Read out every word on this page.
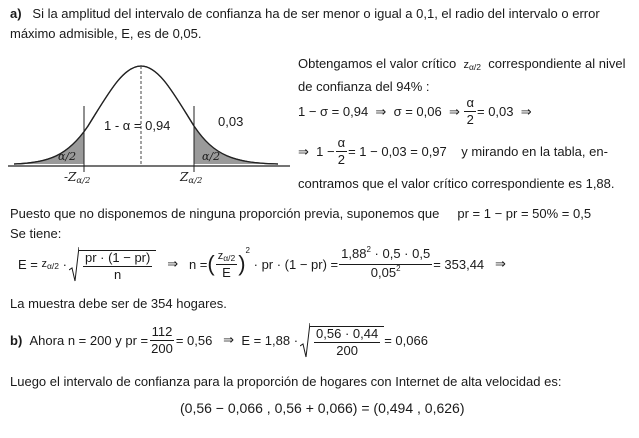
a) Si la amplitud del intervalo de confianza ha de ser menor o igual a 0,1, el radio del intervalo o error
máximo admisible, E, es de 0,05.
1 - α = 0,94	0,03
α/2	α/2
-Zα/2	Zα/2
Obtengamos el valor crítico zα/2 correspondiente al nivel
de confianza del 94% :
1 − σ = 0,94
⇒
σ = 0,06
⇒
$\frac{\alpha}{2} = 0,03$
⇒
⇒
$1 - \frac{\alpha}{2} = 1 - 0,03 = 0,97$
y mirando en la tabla, en-
contramos que el valor crítico correspondiente es 1,88.
Puesto que no disponemos de ninguna proporción previa, suponemos que pr = 1 − pr = 50% = 0,5
Se tiene:
E =
z $\alpha/2 \cdot \frac{pr \cdot (1 - pr)}{n}$
⇒
n = ( $\frac{z\alpha/2}{E}$ )
2

· pr · $(1 - pr) = \frac{1,88^2 \cdot 0,5 \cdot 0,5}{0,05^2} = 353,44$
⇒
La muestra debe ser de 354 hogares.
b)
Ahora
n = 200
y
pr = $\frac{112}{200} = 0,56$
⇒
$E = 1,88 \cdot \frac{0,56 \cdot 0,44}{200} = 0,066$
Luego el intervalo de confianza para la proporción de hogares con Internet de alta velocidad es:
(0,56 − 0,066 , 0,56 + 0,066) = (0,494 , 0,626)
